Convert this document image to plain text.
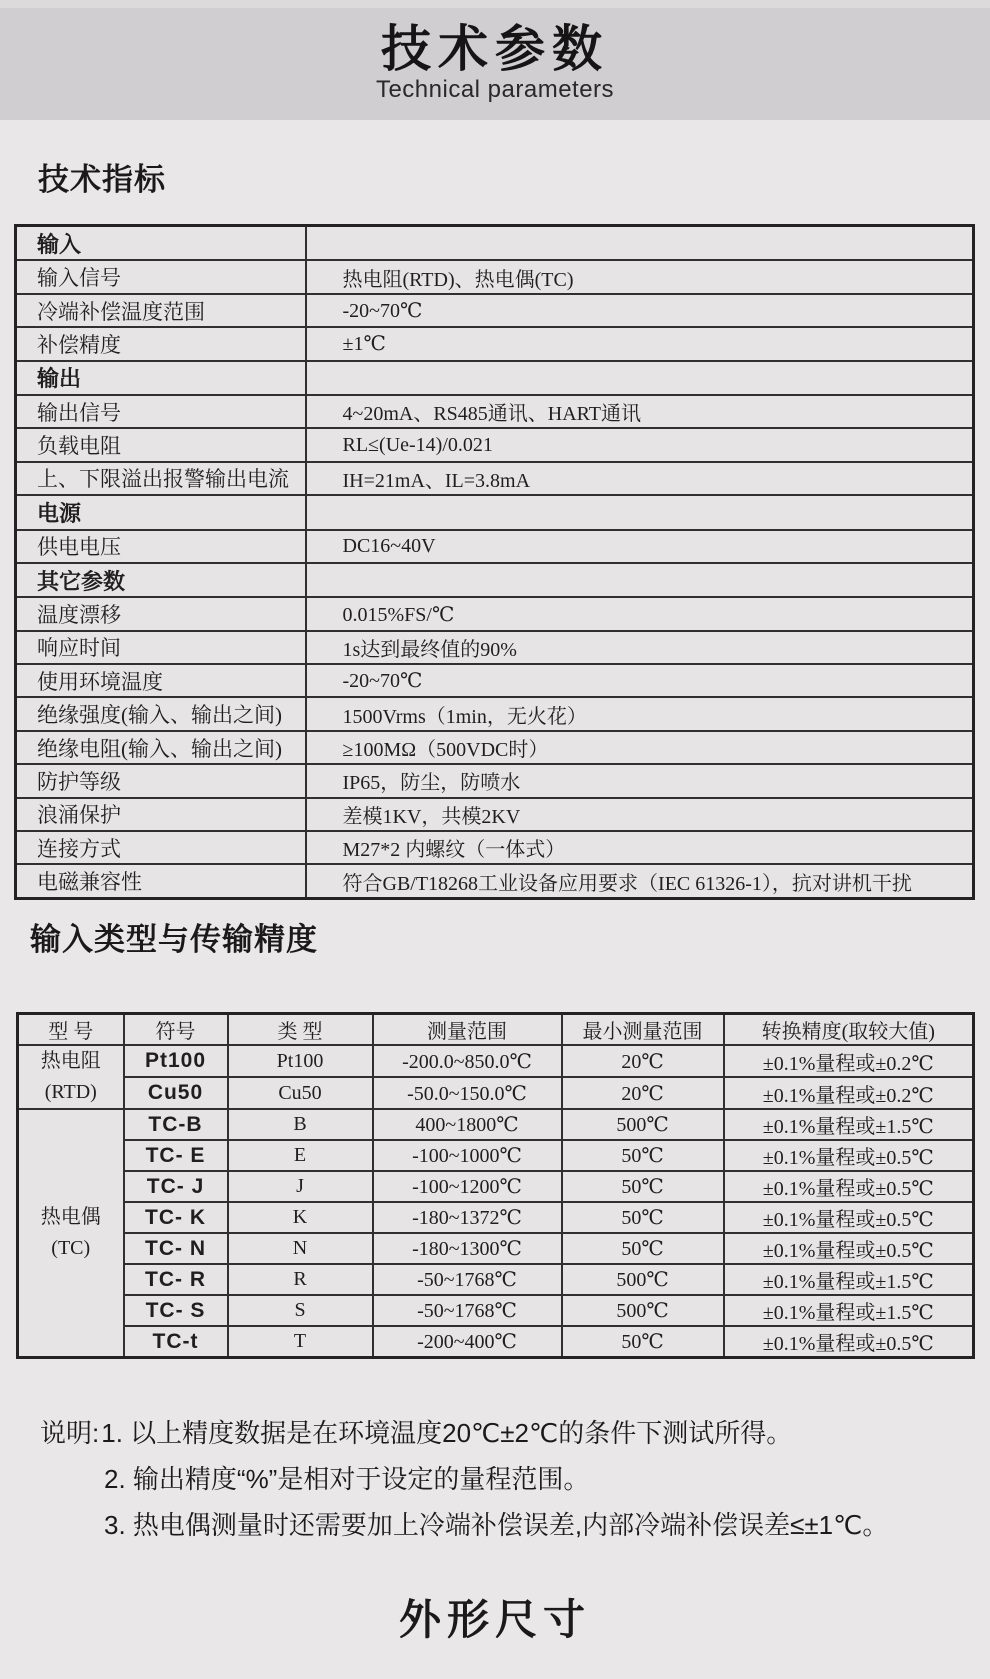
技术参数
Technical parameters
技术指标
输入	
输入信号	热电阻(RTD)、热电偶(TC)
冷端补偿温度范围	-20~70℃
补偿精度	±1℃
输出	
输出信号	4~20mA、RS485通讯、HART通讯
负载电阻	RL≤(Ue-14)/0.021
上、下限溢出报警输出电流	IH=21mA、IL=3.8mA
电源	
供电电压	DC16~40V
其它参数	
温度漂移	0.015%FS/℃
响应时间	1s达到最终值的90%
使用环境温度	-20~70℃
绝缘强度(输入、输出之间)	1500Vrms（1min，无火花）
绝缘电阻(输入、输出之间)	≥100MΩ（500VDC时）
防护等级	IP65，防尘，防喷水
浪涌保护	差模1KV，共模2KV
连接方式	M27*2 内螺纹（一体式）
电磁兼容性	符合GB/T18268工业设备应用要求（IEC 61326-1），抗对讲机干扰
输入类型与传输精度
型 号	符号	类 型	测量范围	最小测量范围	转换精度(取较大值)

热电阻
(RTD)	Pt100	Pt100	-200.0~850.0℃	20℃	±0.1%量程或±0.2℃
	Cu50	Cu50	-50.0~150.0℃	20℃	±0.1%量程或±0.2℃

热电偶
(TC)	TC-B	B	400~1800℃	500℃	±0.1%量程或±1.5℃
	TC- E	E	-100~1000℃	50℃	±0.1%量程或±0.5℃
	TC- J	J	-100~1200℃	50℃	±0.1%量程或±0.5℃
	TC- K	K	-180~1372℃	50℃	±0.1%量程或±0.5℃
	TC- N	N	-180~1300℃	50℃	±0.1%量程或±0.5℃
	TC- R	R	-50~1768℃	500℃	±0.1%量程或±1.5℃
	TC- S	S	-50~1768℃	500℃	±0.1%量程或±1.5℃
	TC-t	T	-200~400℃	50℃	±0.1%量程或±0.5℃
说明:1. 以上精度数据是在环境温度20℃±2℃的条件下测试所得。
2. 输出精度“%”是相对于设定的量程范围。
3. 热电偶测量时还需要加上冷端补偿误差,内部冷端补偿误差≤±1℃。
外形尺寸
